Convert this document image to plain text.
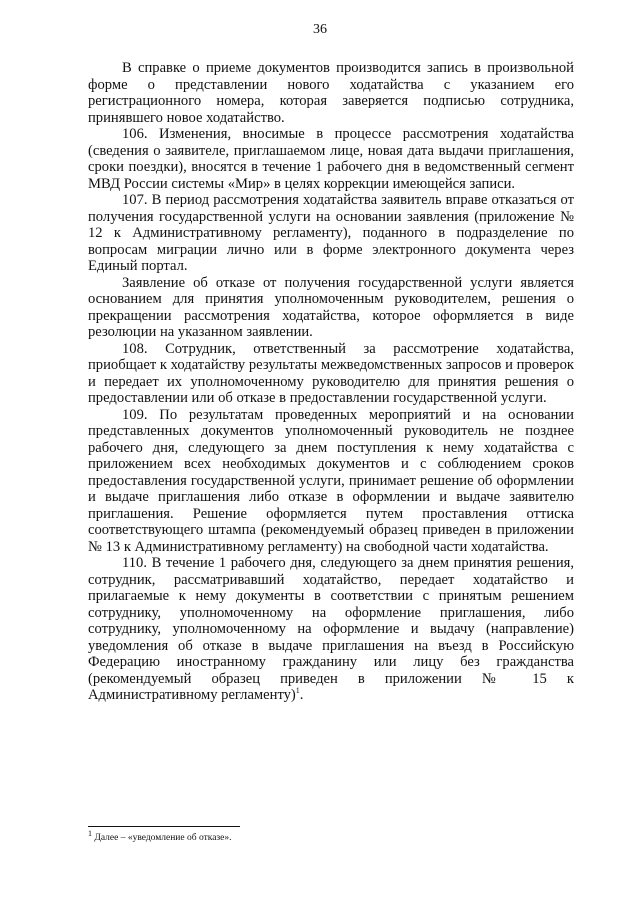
36

В справке о приеме документов производится запись в произвольной форме о представлении нового ходатайства с указанием его регистрационного номера, которая заверяется подписью сотрудника, принявшего новое ходатайство.

106. Изменения, вносимые в процессе рассмотрения ходатайства (сведения о заявителе, приглашаемом лице, новая дата выдачи приглашения, сроки поездки), вносятся в течение 1 рабочего дня в ведомственный сегмент МВД России системы «Мир» в целях коррекции имеющейся записи.

107. В период рассмотрения ходатайства заявитель вправе отказаться от получения государственной услуги на основании заявления (приложение № 12 к Административному регламенту), поданного в подразделение по вопросам миграции лично или в форме электронного документа через Единый портал.

Заявление об отказе от получения государственной услуги является основанием для принятия уполномоченным руководителем, решения о прекращении рассмотрения ходатайства, которое оформляется в виде резолюции на указанном заявлении.

108. Сотрудник, ответственный за рассмотрение ходатайства, приобщает к ходатайству результаты межведомственных запросов и проверок и передает их уполномоченному руководителю для принятия решения о предоставлении или об отказе в предоставлении государственной услуги.

109. По результатам проведенных мероприятий и на основании представленных документов уполномоченный руководитель не позднее рабочего дня, следующего за днем поступления к нему ходатайства с приложением всех необходимых документов и с соблюдением сроков предоставления государственной услуги, принимает решение об оформлении и выдаче приглашения либо отказе в оформлении и выдаче заявителю приглашения. Решение оформляется путем проставления оттиска соответствующего штампа (рекомендуемый образец приведен в приложении № 13 к Административному регламенту) на свободной части ходатайства.

110. В течение 1 рабочего дня, следующего за днем принятия решения, сотрудник, рассматривавший ходатайство, передает ходатайство и прилагаемые к нему документы в соответствии с принятым решением сотруднику, уполномоченному на оформление приглашения, либо сотруднику, уполномоченному на оформление и выдачу (направление) уведомления об отказе в выдаче приглашения на въезд в Российскую Федерацию иностранному гражданину или лицу без гражданства (рекомендуемый образец приведен в приложении № 15 к Административному регламенту)$^1$.

$^1$ Далее – «уведомление об отказе».
